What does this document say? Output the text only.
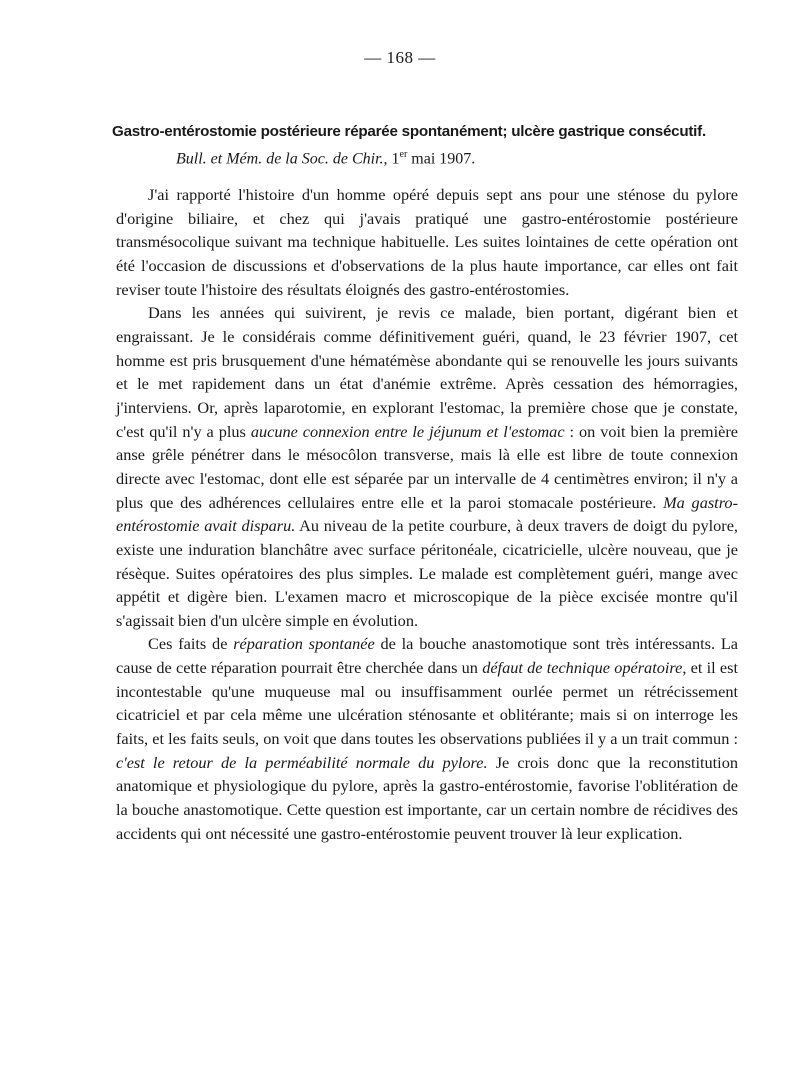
— 168 —
Gastro-entérostomie postérieure réparée spontanément; ulcère gastrique consécutif.
Bull. et Mém. de la Soc. de Chir., 1er mai 1907.

J'ai rapporté l'histoire d'un homme opéré depuis sept ans pour une sténose du pylore d'origine biliaire, et chez qui j'avais pratiqué une gastro-entérostomie postérieure transmésocolique suivant ma technique habituelle. Les suites lointaines de cette opération ont été l'occasion de discussions et d'observations de la plus haute importance, car elles ont fait reviser toute l'histoire des résultats éloignés des gastro-entérostomies.

Dans les années qui suivirent, je revis ce malade, bien portant, digérant bien et engraissant. Je le considérais comme définitivement guéri, quand, le 23 février 1907, cet homme est pris brusquement d'une hématémèse abondante qui se renouvelle les jours suivants et le met rapidement dans un état d'anémie extrême. Après cessation des hémorragies, j'interviens. Or, après laparotomie, en explorant l'estomac, la première chose que je constate, c'est qu'il n'y a plus aucune connexion entre le jéjunum et l'estomac : on voit bien la première anse grêle pénétrer dans le mésocôlon transverse, mais là elle est libre de toute connexion directe avec l'estomac, dont elle est séparée par un intervalle de 4 centimètres environ; il n'y a plus que des adhérences cellulaires entre elle et la paroi stomacale postérieure. Ma gastro-entérostomie avait disparu. Au niveau de la petite courbure, à deux travers de doigt du pylore, existe une induration blanchâtre avec surface péritonéale, cicatricielle, ulcère nouveau, que je résèque. Suites opératoires des plus simples. Le malade est complètement guéri, mange avec appétit et digère bien. L'examen macro et microscopique de la pièce excisée montre qu'il s'agissait bien d'un ulcère simple en évolution.

Ces faits de réparation spontanée de la bouche anastomotique sont très intéressants. La cause de cette réparation pourrait être cherchée dans un défaut de technique opératoire, et il est incontestable qu'une muqueuse mal ou insuffisamment ourlée permet un rétrécissement cicatriciel et par cela même une ulcération sténosante et oblitérante; mais si on interroge les faits, et les faits seuls, on voit que dans toutes les observations publiées il y a un trait commun : c'est le retour de la perméabilité normale du pylore. Je crois donc que la reconstitution anatomique et physiologique du pylore, après la gastro-entérostomie, favorise l'oblitération de la bouche anastomotique. Cette question est importante, car un certain nombre de récidives des accidents qui ont nécessité une gastro-entérostomie peuvent trouver là leur explication.
